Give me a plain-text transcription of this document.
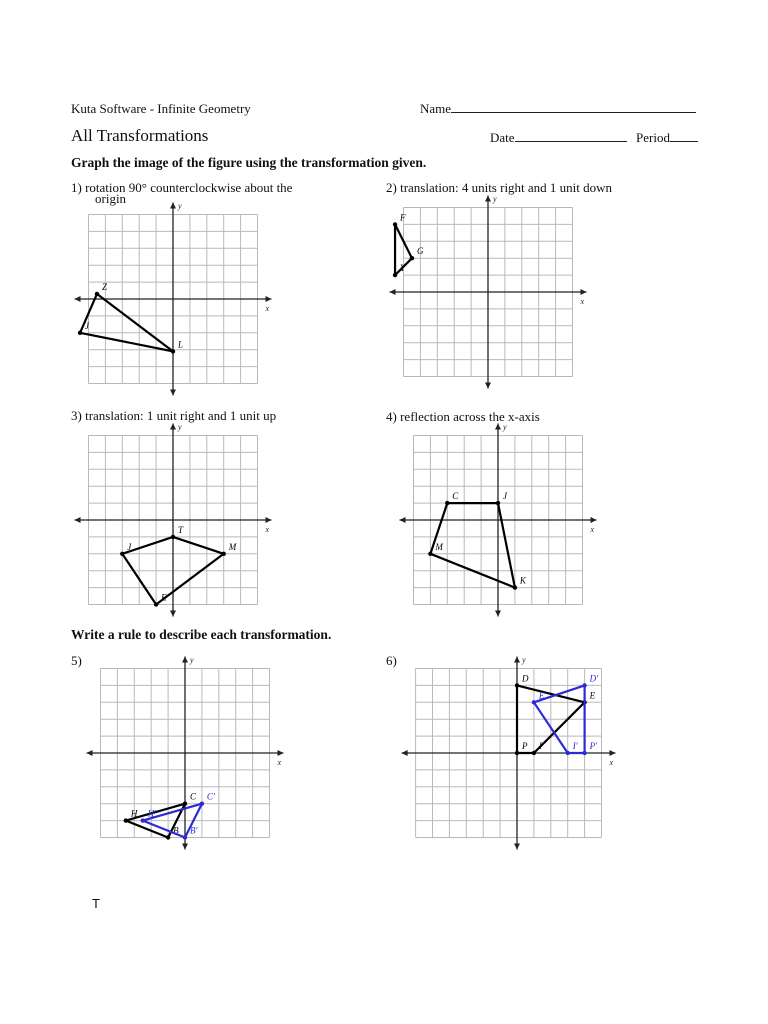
Kuta Software - Infinite Geometry	Name
All Transformations	Date	Period
Graph the image of the figure using the transformation given.
1) rotation 90° counterclockwise about the
origin
2) translation: 4 units right and 1 unit down
3) translation: 1 unit right and 1 unit up	4) reflection across the x-axis
Write a rule to describe each transformation.
5)	6)
x
y
Z
L
J
x
y
F
G
Y
x
y
T
M
E
J
x
y
C	J
K
M
x
y
H
C
B
H'
C'
B'
x
y
D
E
I
P
D'
E'
I' P'
T
